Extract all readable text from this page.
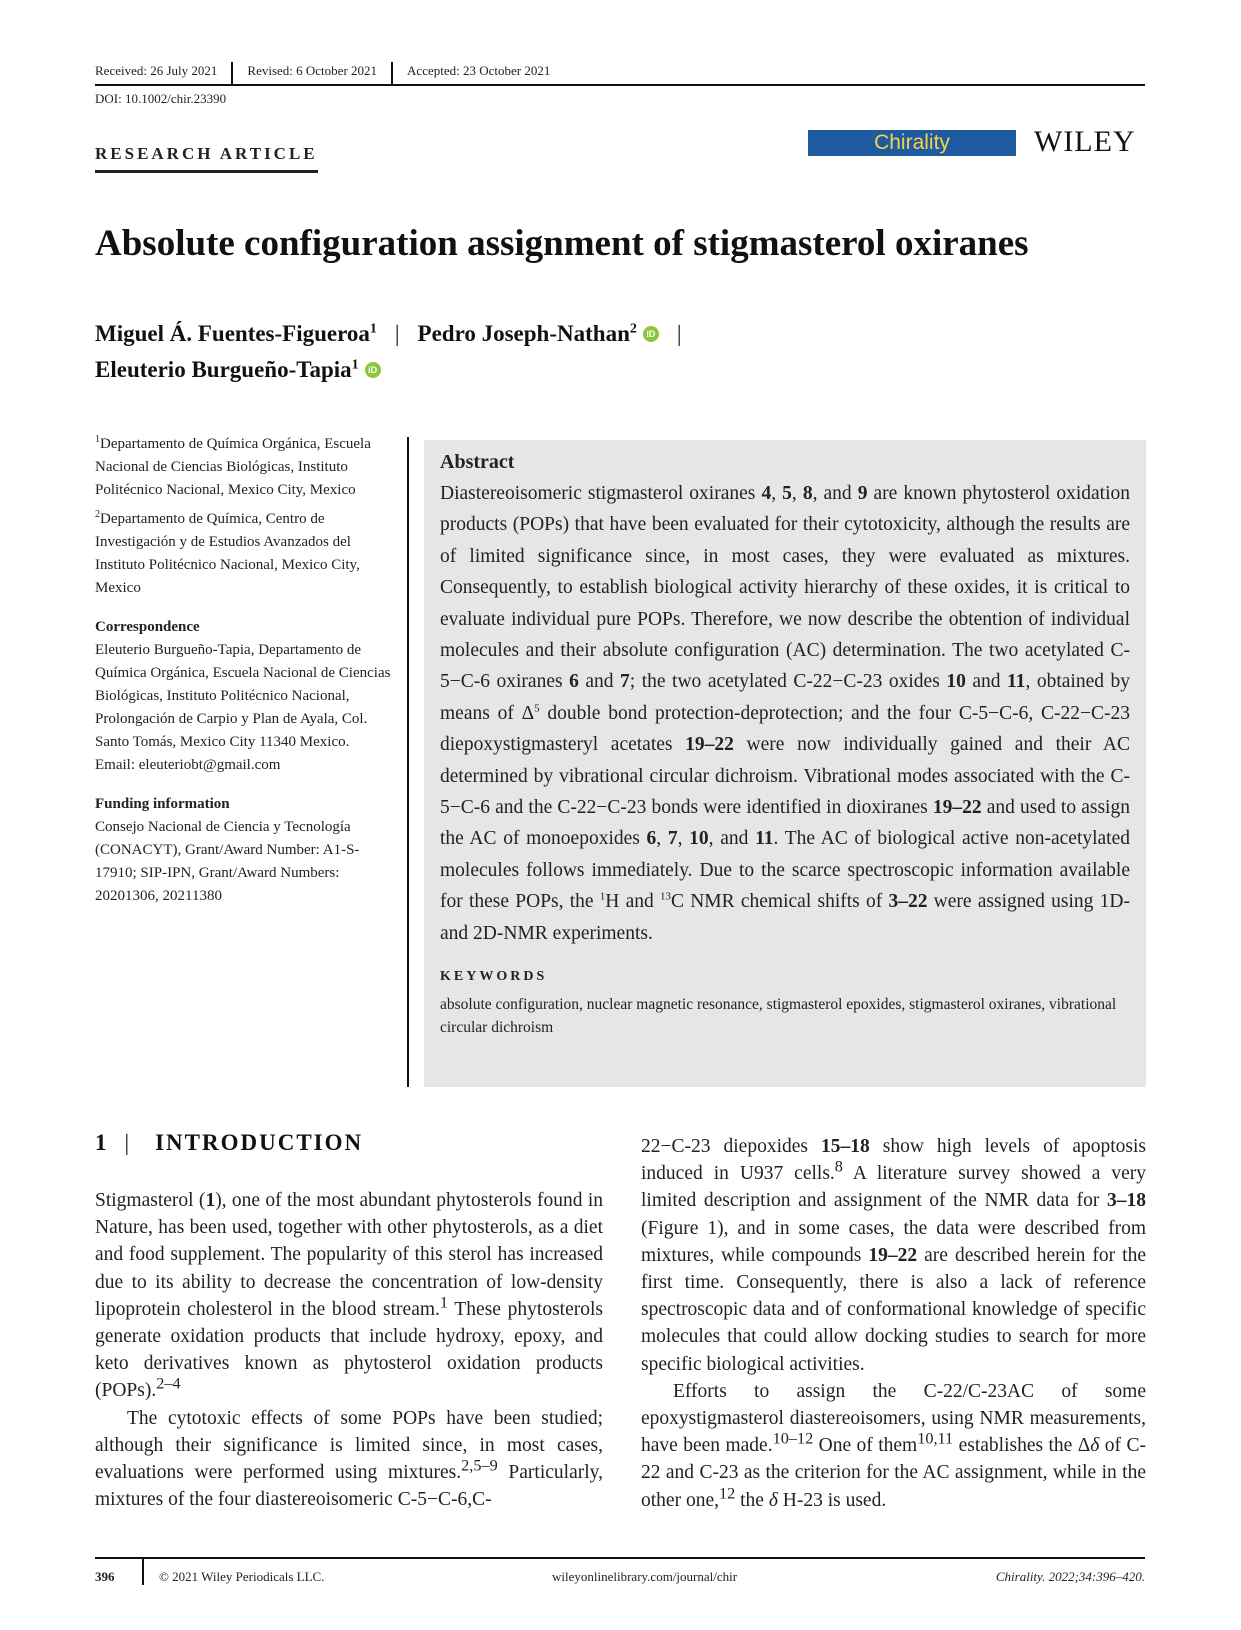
Received: 26 July 2021	Revised: 6 October 2021	Accepted: 23 October 2021
DOI: 10.1002/chir.23390
RESEARCH ARTICLE	Chirality	WILEY
Absolute configuration assignment of stigmasterol oxiranes
Miguel Á. Fuentes-Figueroa$^1$ | Pedro Joseph-Nathan$^2$ iD |
Eleuterio Burgueño-Tapia$^1$ iD

$^1$Departamento de Química Orgánica, Escuela Nacional de Ciencias Biológicas, Instituto Politécnico Nacional, Mexico City, Mexico

$^2$Departamento de Química, Centro de Investigación y de Estudios Avanzados del Instituto Politécnico Nacional, Mexico City, Mexico

Correspondence

Eleuterio Burgueño-Tapia, Departamento de Química Orgánica, Escuela Nacional de Ciencias Biológicas, Instituto Politécnico Nacional, Prolongación de Carpio y Plan de Ayala, Col. Santo Tomás, Mexico City 11340 Mexico.

Email: eleuteriobt@gmail.com

Funding information

Consejo Nacional de Ciencia y Tecnología (CONACYT), Grant/Award Number: A1-S-17910; SIP-IPN, Grant/Award Numbers: 20201306, 20211380

Abstract

Diastereoisomeric stigmasterol oxiranes 4, 5, 8, and 9 are known phytosterol oxidation products (POPs) that have been evaluated for their cytotoxicity, although the results are of limited significance since, in most cases, they were evaluated as mixtures. Consequently, to establish biological activity hierarchy of these oxides, it is critical to evaluate individual pure POPs. Therefore, we now describe the obtention of individual molecules and their absolute configuration (AC) determination. The two acetylated C-5−C-6 oxiranes 6 and 7; the two acetylated C-22−C-23 oxides 10 and 11, obtained by means of $\Delta^5$ double bond protection-deprotection; and the four C-5−C-6, C-22−C-23 diepoxystigmasteryl acetates 19–22 were now individually gained and their AC determined by vibrational circular dichroism. Vibrational modes associated with the C-5−C-6 and the C-22−C-23 bonds were identified in dioxiranes 19–22 and used to assign the AC of monoepoxides 6, 7, 10, and 11. The AC of biological active non-acetylated molecules follows immediately. Due to the scarce spectroscopic information available for these POPs, the $^1$H and $^{13}$C NMR chemical shifts of 3–22 were assigned using 1D- and 2D-NMR experiments.

KEYWORDS
absolute configuration, nuclear magnetic resonance, stigmasterol epoxides, stigmasterol oxiranes, vibrational circular dichroism
1 | INTRODUCTION

Stigmasterol (1), one of the most abundant phytosterols found in Nature, has been used, together with other phytosterols, as a diet and food supplement. The popularity of this sterol has increased due to its ability to decrease the concentration of low-density lipoprotein cholesterol in the blood stream.$^1$ These phytosterols generate oxidation products that include hydroxy, epoxy, and keto derivatives known as phytosterol oxidation products (POPs).$^{2-4}$

The cytotoxic effects of some POPs have been studied; although their significance is limited since, in most cases, evaluations were performed using mixtures.$^{2,5-9}$ Particularly, mixtures of the four diastereoisomeric C-5−C-6,C-

22−C-23 diepoxides 15–18 show high levels of apoptosis induced in U937 cells.$^8$ A literature survey showed a very limited description and assignment of the NMR data for 3–18 (Figure 1), and in some cases, the data were described from mixtures, while compounds 19–22 are described herein for the first time. Consequently, there is also a lack of reference spectroscopic data and of conformational knowledge of specific molecules that could allow docking studies to search for more specific biological activities.

Efforts to assign the C-22/C-23AC of some epoxystigmasterol diastereoisomers, using NMR measurements, have been made.$^{10-12}$ One of them$^{10,11}$ establishes the Δδ of C-22 and C-23 as the criterion for the AC assignment, while in the other one,$^{12}$ the δ H-23 is used.

396	© 2021 Wiley Periodicals LLC.	wileyonlinelibrary.com/journal/chir	Chirality. 2022;34:396–420.
